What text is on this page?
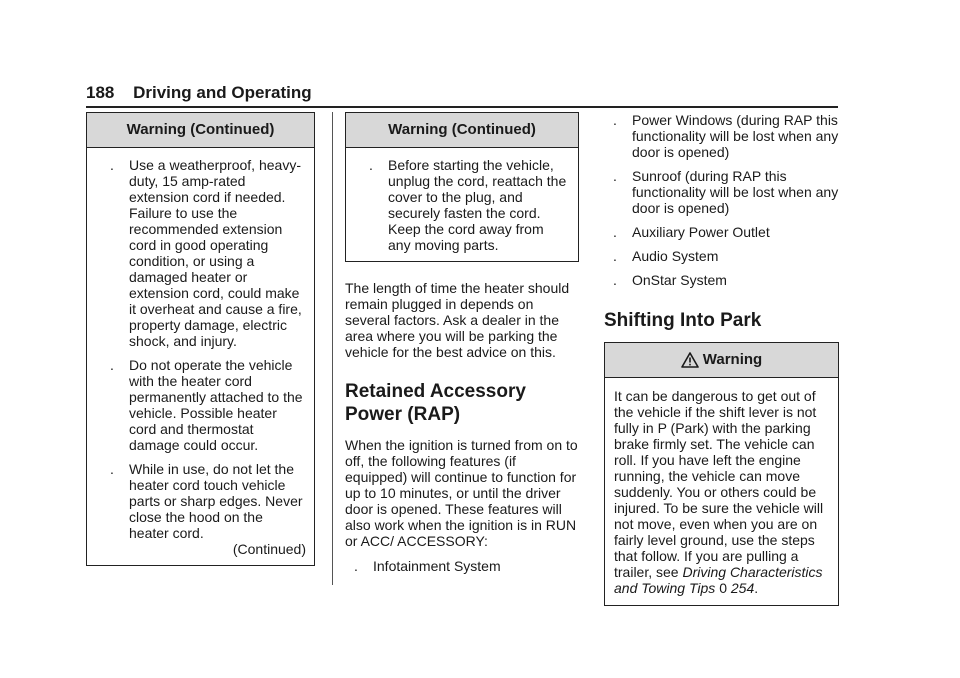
188 Driving and Operating
Warning (Continued)
.	Use a weatherproof, heavy-duty, 15 amp-rated extension cord if needed. Failure to use the recommended extension cord in good operating condition, or using a damaged heater or extension cord, could make it overheat and cause a fire, property damage, electric shock, and injury.
.	Do not operate the vehicle with the heater cord permanently attached to the vehicle. Possible heater cord and thermostat damage could occur.
.	While in use, do not let the heater cord touch vehicle parts or sharp edges. Never close the hood on the heater cord.
(Continued)
Warning (Continued)
.	Before starting the vehicle, unplug the cord, reattach the cover to the plug, and securely fasten the cord. Keep the cord away from any moving parts.

The length of time the heater should remain plugged in depends on several factors. Ask a dealer in the area where you will be parking the vehicle for the best advice on this.

Retained Accessory
Power (RAP)

When the ignition is turned from on to off, the following features (if equipped) will continue to function for up to 10 minutes, or until the driver door is opened. These features will also work when the ignition is in RUN or ACC/ ACCESSORY:

.	Infotainment System
.	Power Windows (during RAP this functionality will be lost when any door is opened)
.	Sunroof (during RAP this functionality will be lost when any door is opened)
.	Auxiliary Power Outlet
.	Audio System
.	OnStar System
Shifting Into Park
Warning
It can be dangerous to get out of the vehicle if the shift lever is not fully in P (Park) with the parking brake firmly set. The vehicle can roll. If you have left the engine running, the vehicle can move suddenly. You or others could be injured. To be sure the vehicle will not move, even when you are on fairly level ground, use the steps that follow. If you are pulling a trailer, see Driving Characteristics and Towing Tips 0 254.
